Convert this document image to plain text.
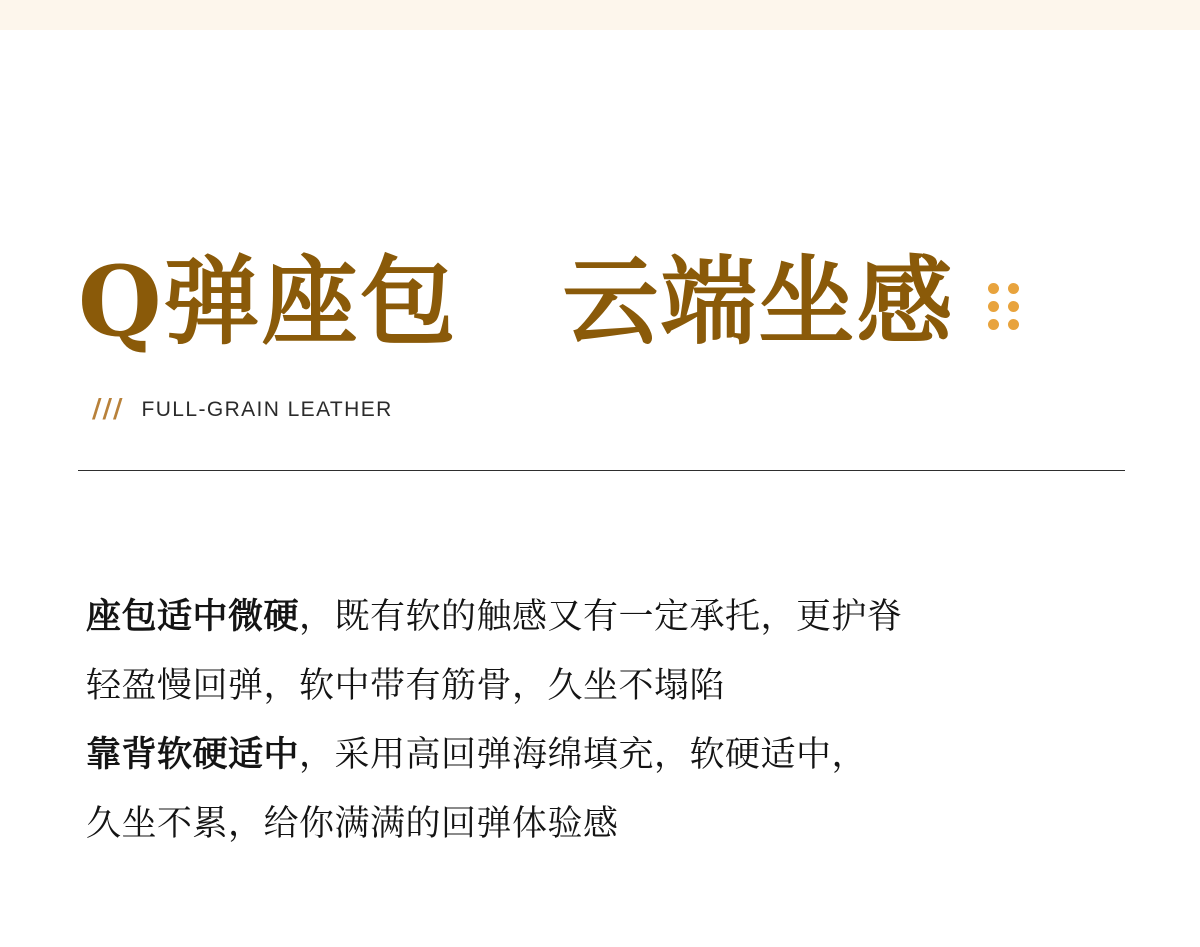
Q弹座包 云端坐感
/// FULL-GRAIN LEATHER

座包适中微硬，既有软的触感又有一定承托，更护脊

轻盈慢回弹，软中带有筋骨，久坐不塌陷

靠背软硬适中，采用高回弹海绵填充，软硬适中，

久坐不累，给你满满的回弹体验感
